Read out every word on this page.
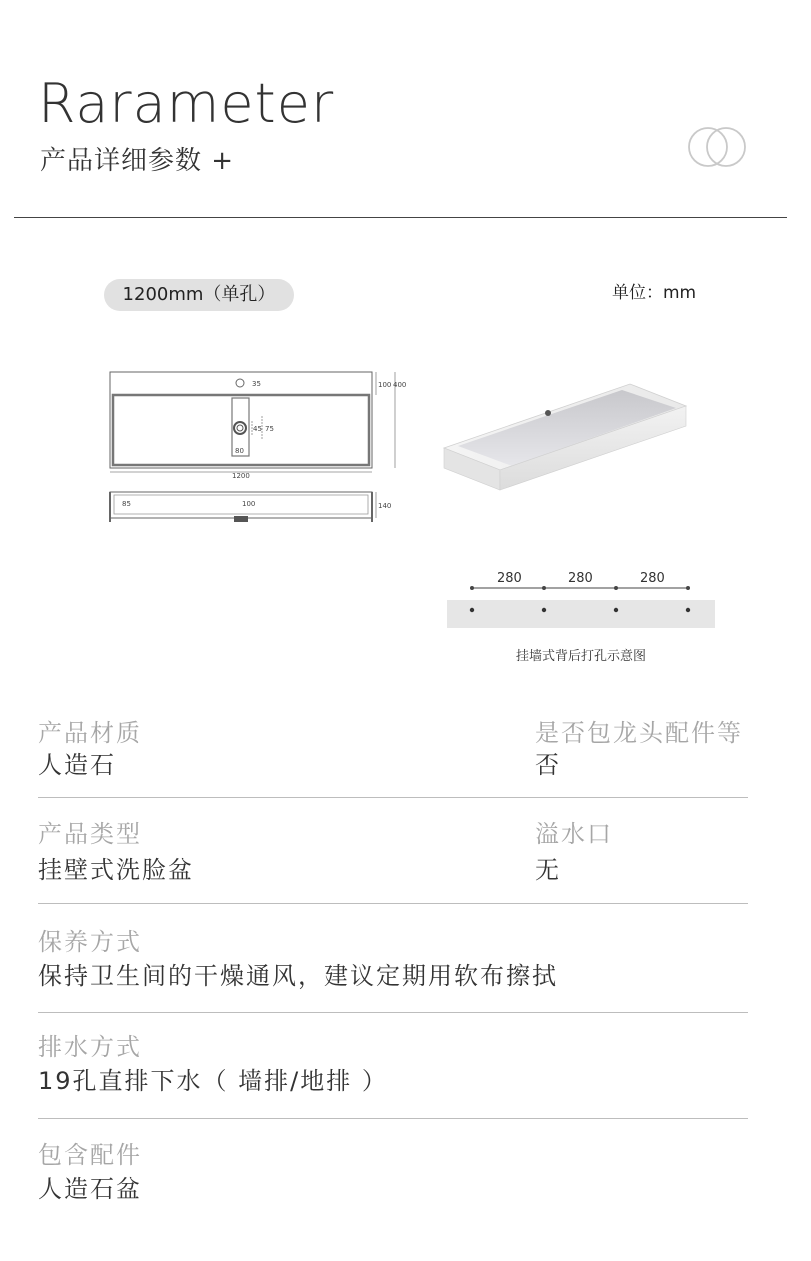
Rarameter
产品详细参数 +
1200mm（单孔）	单位：mm
35	100 400
45 75
80
1200
85	100	140
280	280	280
挂墙式背后打孔示意图
产品材质
人造石
是否包龙头配件等
否
产品类型
挂壁式洗脸盆
溢水口
无
保养方式
保持卫生间的干燥通风，建议定期用软布擦拭
排水方式
19孔直排下水（ 墙排/地排 ）
包含配件
人造石盆
